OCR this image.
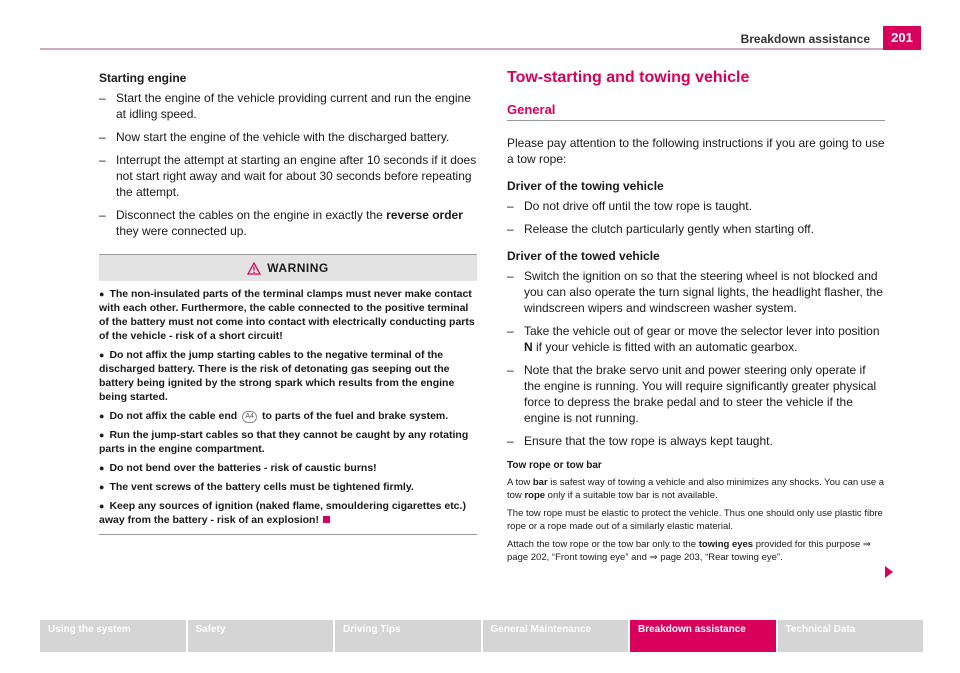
Breakdown assistance	201

Starting engine

– Start the engine of the vehicle providing current and run the engine at idling speed.

– Now start the engine of the vehicle with the discharged battery.

– Interrupt the attempt at starting an engine after 10 seconds if it does not start right away and wait for about 30 seconds before repeating the attempt.

– Disconnect the cables on the engine in exactly the reverse order they were connected up.

WARNING

● The non-insulated parts of the terminal clamps must never make contact with each other. Furthermore, the cable connected to the positive terminal of the battery must not come into contact with electrically conducting parts of the vehicle - risk of a short circuit!

● Do not affix the jump starting cables to the negative terminal of the discharged battery. There is the risk of detonating gas seeping out the battery being ignited by the strong spark which results from the engine being started.

● Do not affix the cable end A4 to parts of the fuel and brake system.

● Run the jump-start cables so that they cannot be caught by any rotating parts in the engine compartment.

● Do not bend over the batteries - risk of caustic burns!

● The vent screws of the battery cells must be tightened firmly.

● Keep any sources of ignition (naked flame, smouldering cigarettes etc.) away from the battery - risk of an explosion!

Tow-starting and towing vehicle

General

Please pay attention to the following instructions if you are going to use a tow rope:

Driver of the towing vehicle

– Do not drive off until the tow rope is taught.

– Release the clutch particularly gently when starting off.

Driver of the towed vehicle

– Switch the ignition on so that the steering wheel is not blocked and you can also operate the turn signal lights, the headlight flasher, the windscreen wipers and windscreen washer system.

– Take the vehicle out of gear or move the selector lever into position N if your vehicle is fitted with an automatic gearbox.

– Note that the brake servo unit and power steering only operate if the engine is running. You will require significantly greater physical force to depress the brake pedal and to steer the vehicle if the engine is not running.

– Ensure that the tow rope is always kept taught.

Tow rope or tow bar

A tow bar is safest way of towing a vehicle and also minimizes any shocks. You can use a tow rope only if a suitable tow bar is not available.

The tow rope must be elastic to protect the vehicle. Thus one should only use plastic fibre rope or a rope made out of a similarly elastic material.

Attach the tow rope or the tow bar only to the towing eyes provided for this purpose ⇒ page 202, “Front towing eye” and ⇒ page 203, “Rear towing eye”.

Using the system	Safety	Driving Tips	General Maintenance	Breakdown assistance	Technical Data
